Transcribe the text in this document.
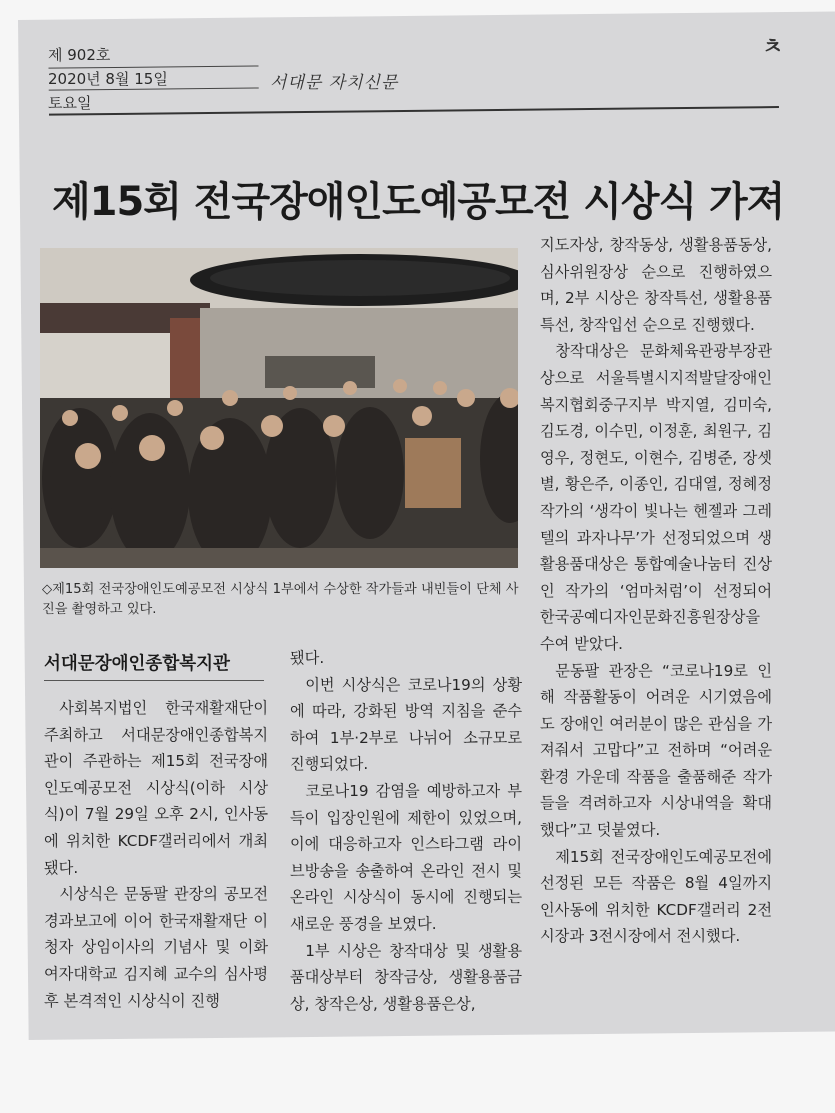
제 902호
2020년 8월 15일
토요일
서대문 자치신문
ㅊ
제15회 전국장애인도예공모전 시상식 가져
◇제15회 전국장애인도예공모전 시상식 1부에서 수상한 작가들과 내빈들이 단체 사진을 촬영하고 있다.
서대문장애인종합복지관

사회복지법인 한국재활재단이 주최하고 서대문장애인종합복지관이 주관하는 제15회 전국장애인도예공모전 시상식(이하 시상식)이 7월 29일 오후 2시, 인사동에 위치한 KCDF갤러리에서 개최됐다.

시상식은 문동팔 관장의 공모전 경과보고에 이어 한국재활재단 이청자 상임이사의 기념사 및 이화여자대학교 김지혜 교수의 심사평 후 본격적인 시상식이 진행

됐다.

이번 시상식은 코로나19의 상황에 따라, 강화된 방역 지침을 준수하여 1부·2부로 나뉘어 소규모로 진행되었다.

코로나19 감염을 예방하고자 부득이 입장인원에 제한이 있었으며, 이에 대응하고자 인스타그램 라이브방송을 송출하여 온라인 전시 및 온라인 시상식이 동시에 진행되는 새로운 풍경을 보였다.

1부 시상은 창작대상 및 생활용품대상부터 창작금상, 생활용품금상, 창작은상, 생활용품은상,

지도자상, 창작동상, 생활용품동상, 심사위원장상 순으로 진행하였으며, 2부 시상은 창작특선, 생활용품특선, 창작입선 순으로 진행했다.

창작대상은 문화체육관광부장관상으로 서울특별시지적발달장애인복지협회중구지부 박지열, 김미숙, 김도경, 이수민, 이정훈, 최원구, 김영우, 정현도, 이현수, 김병준, 장셋별, 황은주, 이종인, 김대열, 정혜정 작가의 ‘생각이 빛나는 헨젤과 그레텔의 과자나무’가 선정되었으며 생활용품대상은 통합예술나눔터 진상인 작가의 ‘엄마처럼’이 선정되어 한국공예디자인문화진흥원장상을 수여 받았다.

문동팔 관장은 “코로나19로 인해 작품활동이 어려운 시기였음에도 장애인 여러분이 많은 관심을 가져줘서 고맙다”고 전하며 “어려운 환경 가운데 작품을 출품해준 작가들을 격려하고자 시상내역을 확대했다”고 덧붙였다.

제15회 전국장애인도예공모전에 선정된 모든 작품은 8월 4일까지 인사동에 위치한 KCDF갤러리 2전시장과 3전시장에서 전시했다.
